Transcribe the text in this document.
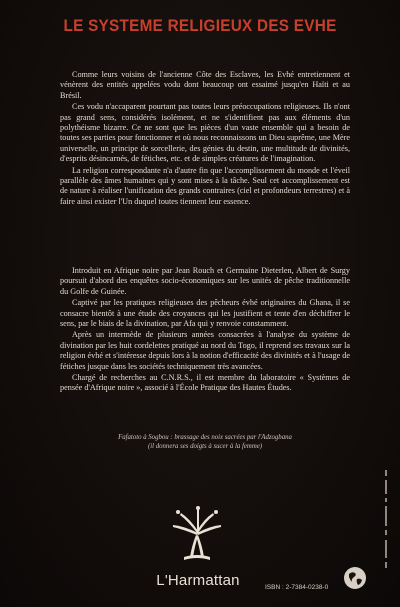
LE SYSTEME RELIGIEUX DES EVHE

Comme leurs voisins de l'ancienne Côte des Esclaves, les Evhé entretiennent et vénèrent des entités appelées vodu dont beaucoup ont essaimé jusqu'en Haïti et au Brésil.

Ces vodu n'accaparent pourtant pas toutes leurs préoccupations religieuses. Ils n'ont pas grand sens, considérés isolément, et ne s'identifient pas aux éléments d'un polythéisme bizarre. Ce ne sont que les pièces d'un vaste ensemble qui a besoin de toutes ses parties pour fonctionner et où nous reconnaissons un Dieu suprême, une Mère universelle, un principe de sorcellerie, des génies du destin, une multitude de divinités, d'esprits désincarnés, de fétiches, etc. et de simples créatures de l'imagination.

La religion correspondante n'a d'autre fin que l'accomplissement du monde et l'éveil parallèle des âmes humaines qui y sont mises à la tâche. Seul cet accomplissement est de nature à réaliser l'unification des grands contraires (ciel et profondeurs terrestres) et à faire ainsi exister l'Un duquel toutes tiennent leur essence.

Introduit en Afrique noire par Jean Rouch et Germaine Dieterlen, Albert de Surgy poursuit d'abord des enquêtes socio-économiques sur les unités de pêche traditionnelle du Golfe de Guinée.

Captivé par les pratiques religieuses des pêcheurs évhé originaires du Ghana, il se consacre bientôt à une étude des croyances qui les justifient et tente d'en déchiffrer le sens, par le biais de la divination, par Afa qui y renvoie constamment.

Après un intermède de plusieurs années consacrées à l'analyse du système de divination par les huit cordelettes pratiqué au nord du Togo, il reprend ses travaux sur la religion évhé et s'intéresse depuis lors à la notion d'efficacité des divinités et à l'usage de fétiches jusque dans les sociétés techniquement très avancées.

Chargé de recherches au C.N.R.S., il est membre du laboratoire « Systèmes de pensée d'Afrique noire », associé à l'École Pratique des Hautes Études.

Fafatoto à Sogbou : brassage des noix sacrées par l'Adzogbana
(il donnera ses doigts à sucer à la femme)
L'Harmattan	ISBN : 2-7384-0238-0
